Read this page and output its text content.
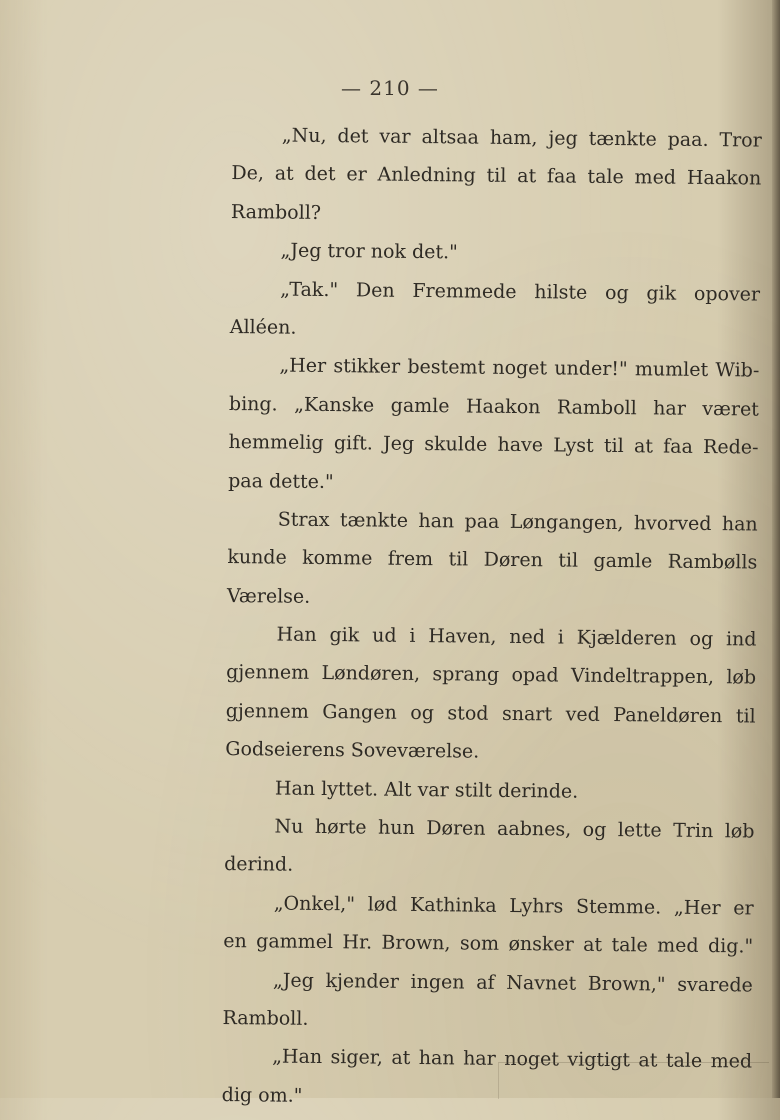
— 210 —
„Nu, det var altsaa ham, jeg tænkte paa. Tror
De, at det er Anledning til at faa tale med Haakon
Ramboll?
„Jeg tror nok det."
„Tak." Den Fremmede hilste og gik opover
Alléen.
„Her stikker bestemt noget under!" mumlet Wib-
bing. „Kanske gamle Haakon Ramboll har været
hemmelig gift. Jeg skulde have Lyst til at faa Rede-
paa dette."
Strax tænkte han paa Løngangen, hvorved han
kunde komme frem til Døren til gamle Rambølls
Værelse.
Han gik ud i Haven, ned i Kjælderen og ind
gjennem Løndøren, sprang opad Vindeltrappen, løb
gjennem Gangen og stod snart ved Paneldøren til
Godseierens Soveværelse.
Han lyttet. Alt var stilt derinde.
Nu hørte hun Døren aabnes, og lette Trin løb
derind.
„Onkel," lød Kathinka Lyhrs Stemme. „Her er
en gammel Hr. Brown, som ønsker at tale med dig."
„Jeg kjender ingen af Navnet Brown," svarede
Ramboll.
„Han siger, at han har noget vigtigt at tale med
dig om."
